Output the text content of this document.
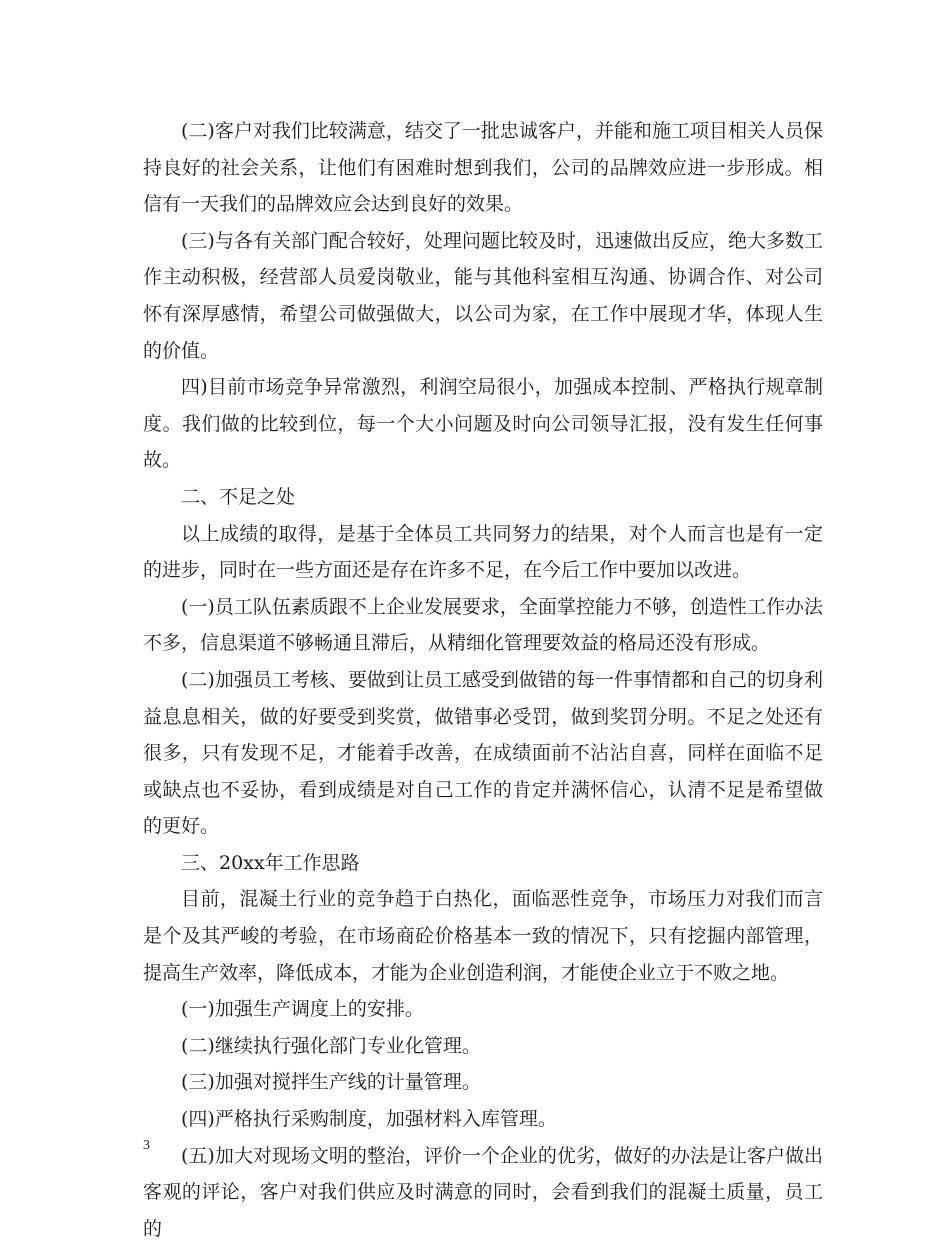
(二)客户对我们比较满意，结交了一批忠诚客户，并能和施工项目相关人员保持良好的社会关系，让他们有困难时想到我们，公司的品牌效应进一步形成。相信有一天我们的品牌效应会达到良好的效果。

(三)与各有关部门配合较好，处理问题比较及时，迅速做出反应，绝大多数工作主动积极，经营部人员爱岗敬业，能与其他科室相互沟通、协调合作、对公司怀有深厚感情，希望公司做强做大，以公司为家，在工作中展现才华，体现人生的价值。

四)目前市场竞争异常激烈，利润空局很小，加强成本控制、严格执行规章制度。我们做的比较到位，每一个大小问题及时向公司领导汇报，没有发生任何事故。

二、不足之处

以上成绩的取得，是基于全体员工共同努力的结果，对个人而言也是有一定的进步，同时在一些方面还是存在许多不足，在今后工作中要加以改进。

(一)员工队伍素质跟不上企业发展要求，全面掌控能力不够，创造性工作办法不多，信息渠道不够畅通且滞后，从精细化管理要效益的格局还没有形成。

(二)加强员工考核、要做到让员工感受到做错的每一件事情都和自己的切身利益息息相关，做的好要受到奖赏，做错事必受罚，做到奖罚分明。不足之处还有很多，只有发现不足，才能着手改善，在成绩面前不沾沾自喜，同样在面临不足或缺点也不妥协，看到成绩是对自己工作的肯定并满怀信心，认清不足是希望做的更好。

三、20xx年工作思路

目前，混凝土行业的竞争趋于白热化，面临恶性竞争，市场压力对我们而言是个及其严峻的考验，在市场商砼价格基本一致的情况下，只有挖掘内部管理，提高生产效率，降低成本，才能为企业创造利润，才能使企业立于不败之地。

(一)加强生产调度上的安排。

(二)继续执行强化部门专业化管理。

(三)加强对搅拌生产线的计量管理。

(四)严格执行采购制度，加强材料入库管理。

(五)加大对现场文明的整治，评价一个企业的优劣，做好的办法是让客户做出客观的评论，客户对我们供应及时满意的同时，会看到我们的混凝土质量，员工的

3
